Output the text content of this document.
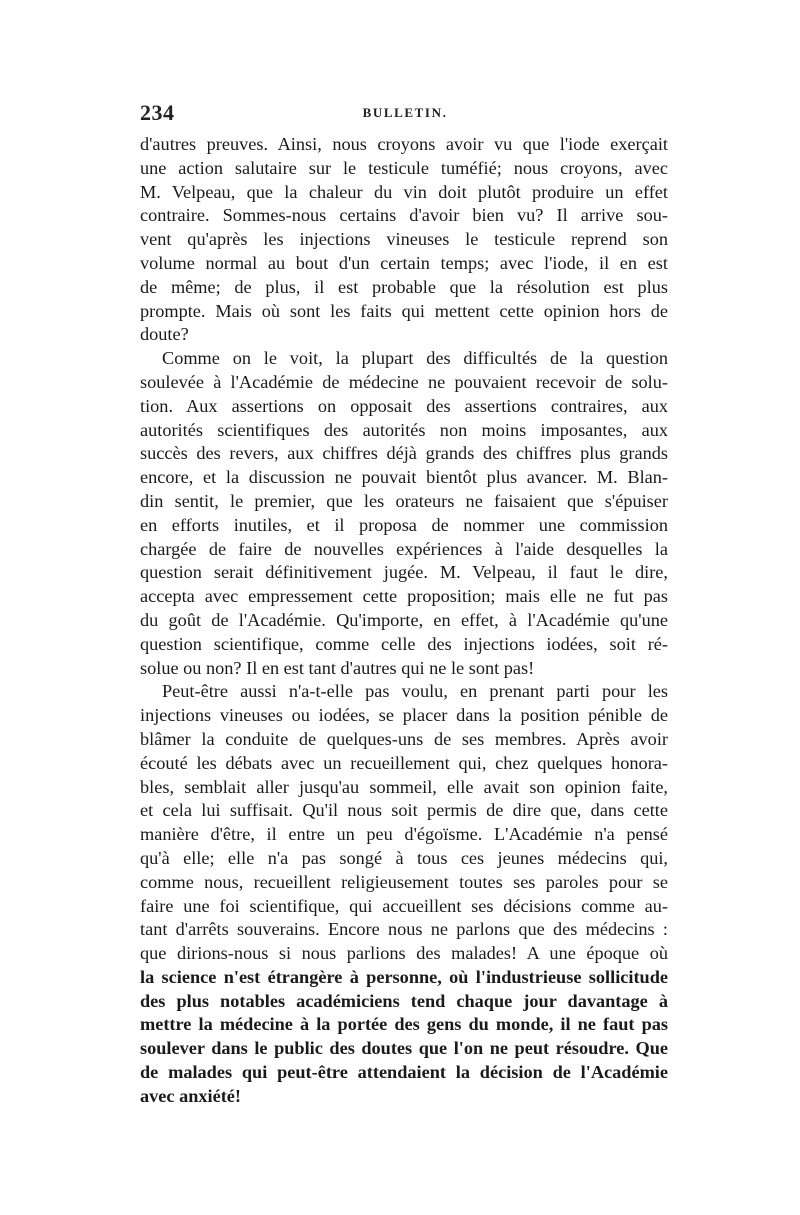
234	BULLETIN.
d'autres preuves. Ainsi, nous croyons avoir vu que l'iode exerçait
une action salutaire sur le testicule tuméfié; nous croyons, avec
M. Velpeau, que la chaleur du vin doit plutôt produire un effet
contraire. Sommes-nous certains d'avoir bien vu? Il arrive sou-
vent qu'après les injections vineuses le testicule reprend son
volume normal au bout d'un certain temps; avec l'iode, il en est
de même; de plus, il est probable que la résolution est plus
prompte. Mais où sont les faits qui mettent cette opinion hors de
doute?
Comme on le voit, la plupart des difficultés de la question
soulevée à l'Académie de médecine ne pouvaient recevoir de solu-
tion. Aux assertions on opposait des assertions contraires, aux
autorités scientifiques des autorités non moins imposantes, aux
succès des revers, aux chiffres déjà grands des chiffres plus grands
encore, et la discussion ne pouvait bientôt plus avancer. M. Blan-
din sentit, le premier, que les orateurs ne faisaient que s'épuiser
en efforts inutiles, et il proposa de nommer une commission
chargée de faire de nouvelles expériences à l'aide desquelles la
question serait définitivement jugée. M. Velpeau, il faut le dire,
accepta avec empressement cette proposition; mais elle ne fut pas
du goût de l'Académie. Qu'importe, en effet, à l'Académie qu'une
question scientifique, comme celle des injections iodées, soit ré-
solue ou non? Il en est tant d'autres qui ne le sont pas!
Peut-être aussi n'a-t-elle pas voulu, en prenant parti pour les
injections vineuses ou iodées, se placer dans la position pénible de
blâmer la conduite de quelques-uns de ses membres. Après avoir
écouté les débats avec un recueillement qui, chez quelques honora-
bles, semblait aller jusqu'au sommeil, elle avait son opinion faite,
et cela lui suffisait. Qu'il nous soit permis de dire que, dans cette
manière d'être, il entre un peu d'égoïsme. L'Académie n'a pensé
qu'à elle; elle n'a pas songé à tous ces jeunes médecins qui,
comme nous, recueillent religieusement toutes ses paroles pour se
faire une foi scientifique, qui accueillent ses décisions comme au-
tant d'arrêts souverains. Encore nous ne parlons que des médecins :
que dirions-nous si nous parlions des malades! A une époque où
la science n'est étrangère à personne, où l'industrieuse sollicitude
des plus notables académiciens tend chaque jour davantage à
mettre la médecine à la portée des gens du monde, il ne faut pas
soulever dans le public des doutes que l'on ne peut résoudre. Que
de malades qui peut-être attendaient la décision de l'Académie
avec anxiété!
